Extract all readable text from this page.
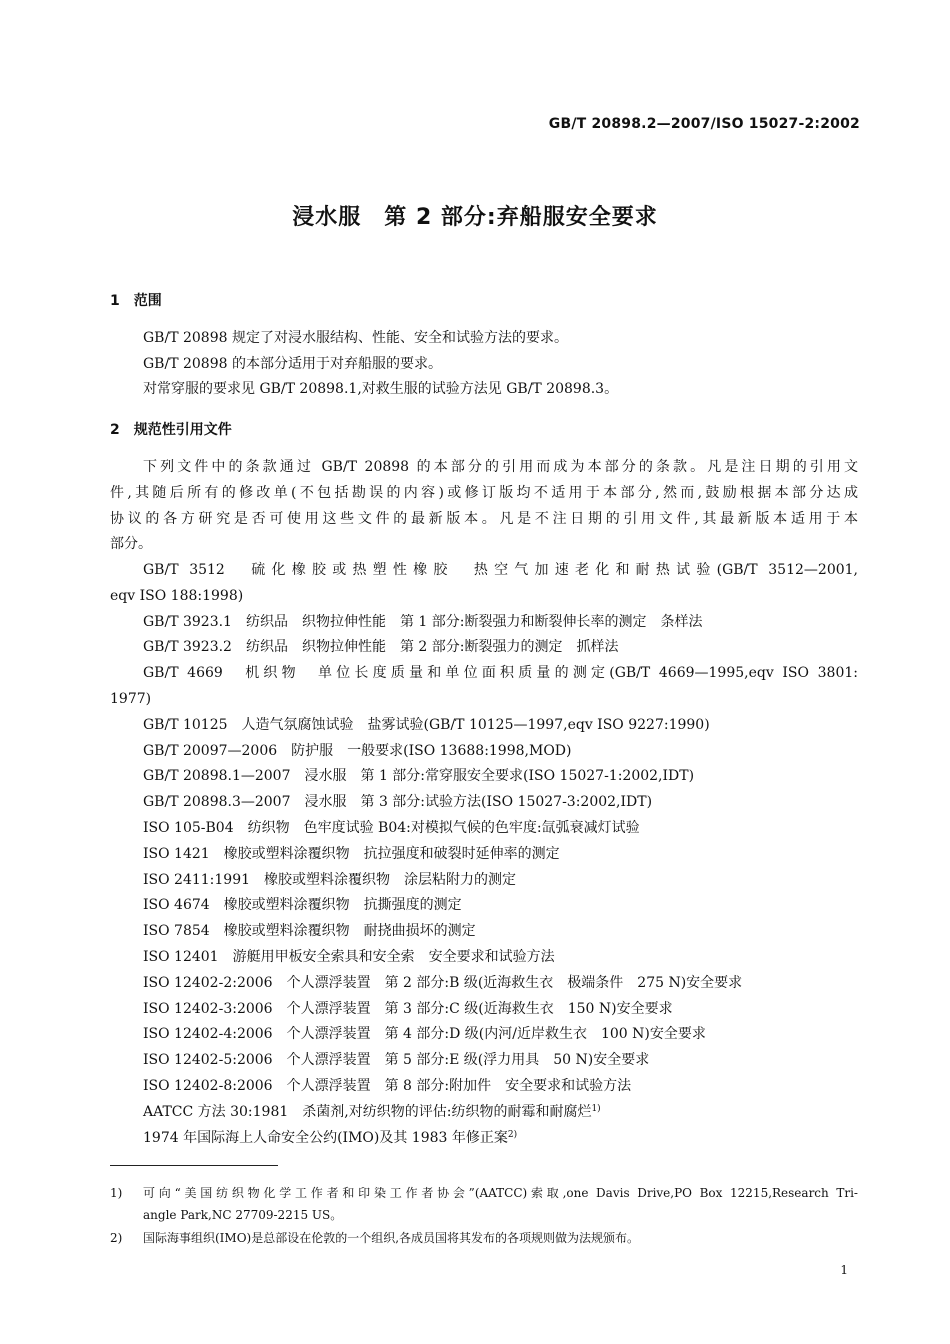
GB/T 20898.2—2007/ISO 15027-2:2002
浸水服　第 2 部分:弃船服安全要求
1　范围
GB/T 20898 规定了对浸水服结构、性能、安全和试验方法的要求。
GB/T 20898 的本部分适用于对弃船服的要求。
对常穿服的要求见 GB/T 20898.1,对救生服的试验方法见 GB/T 20898.3。
2　规范性引用文件
下列文件中的条款通过 GB/T 20898 的本部分的引用而成为本部分的条款。凡是注日期的引用文
件,其随后所有的修改单(不包括勘误的内容)或修订版均不适用于本部分,然而,鼓励根据本部分达成
协议的各方研究是否可使用这些文件的最新版本。凡是不注日期的引用文件,其最新版本适用于本
部分。
GB/T 3512　硫化橡胶或热塑性橡胶　热空气加速老化和耐热试验(GB/T 3512—2001,
eqv ISO 188:1998)
GB/T 3923.1　纺织品　织物拉伸性能　第 1 部分:断裂强力和断裂伸长率的测定　条样法
GB/T 3923.2　纺织品　织物拉伸性能　第 2 部分:断裂强力的测定　抓样法
GB/T 4669　机织物　单位长度质量和单位面积质量的测定(GB/T 4669—1995,eqv ISO 3801:
1977)
GB/T 10125　人造气氛腐蚀试验　盐雾试验(GB/T 10125—1997,eqv ISO 9227:1990)
GB/T 20097—2006　防护服　一般要求(ISO 13688:1998,MOD)
GB/T 20898.1—2007　浸水服　第 1 部分:常穿服安全要求(ISO 15027-1:2002,IDT)
GB/T 20898.3—2007　浸水服　第 3 部分:试验方法(ISO 15027-3:2002,IDT)
ISO 105-B04　纺织物　色牢度试验 B04:对模拟气候的色牢度:氙弧衰减灯试验
ISO 1421　橡胶或塑料涂覆织物　抗拉强度和破裂时延伸率的测定
ISO 2411:1991　橡胶或塑料涂覆织物　涂层粘附力的测定
ISO 4674　橡胶或塑料涂覆织物　抗撕强度的测定
ISO 7854　橡胶或塑料涂覆织物　耐挠曲损坏的测定
ISO 12401　游艇用甲板安全索具和安全索　安全要求和试验方法
ISO 12402-2:2006　个人漂浮装置　第 2 部分:B 级(近海救生衣　极端条件　275 N)安全要求
ISO 12402-3:2006　个人漂浮装置　第 3 部分:C 级(近海救生衣　150 N)安全要求
ISO 12402-4:2006　个人漂浮装置　第 4 部分:D 级(内河/近岸救生衣　100 N)安全要求
ISO 12402-5:2006　个人漂浮装置　第 5 部分:E 级(浮力用具　50 N)安全要求
ISO 12402-8:2006　个人漂浮装置　第 8 部分:附加件　安全要求和试验方法
AATCC 方法 30:1981　杀菌剂,对纺织物的评估:纺织物的耐霉和耐腐烂$^{1)}$
1974 年国际海上人命安全公约(IMO)及其 1983 年修正案$^{2)}$
1) 可向“美国纺织物化学工作者和印染工作者协会”(AATCC)索取,one Davis Drive,PO Box 12215,Research Tri-
angle Park,NC 27709-2215 US。
2) 国际海事组织(IMO)是总部设在伦敦的一个组织,各成员国将其发布的各项规则做为法规颁布。
1
